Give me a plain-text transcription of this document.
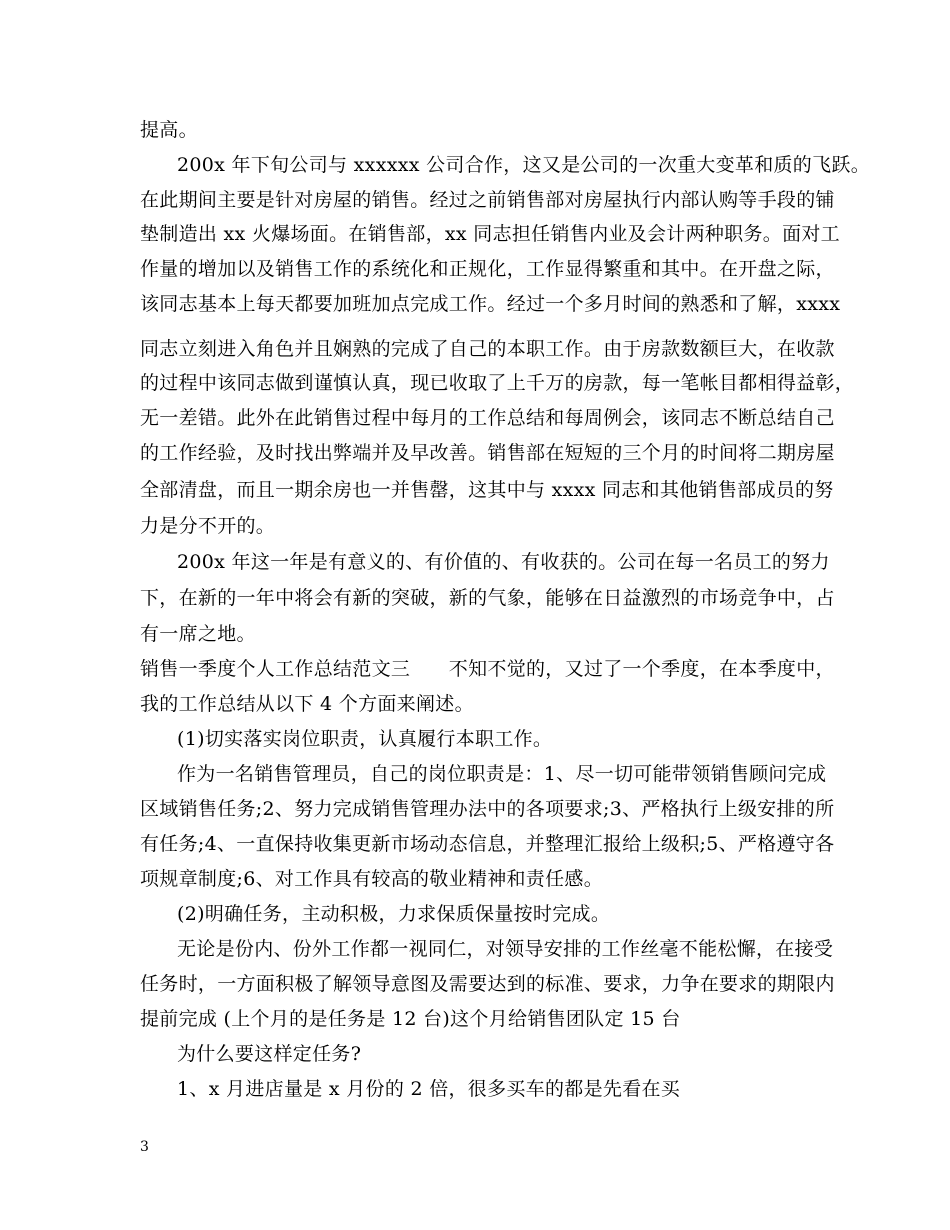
提高。
200x 年下旬公司与 xxxxxx 公司合作，这又是公司的一次重大变革和质的飞跃。
在此期间主要是针对房屋的销售。经过之前销售部对房屋执行内部认购等手段的铺
垫制造出 xx 火爆场面。在销售部，xx 同志担任销售内业及会计两种职务。面对工
作量的增加以及销售工作的系统化和正规化，工作显得繁重和其中。在开盘之际，
该同志基本上每天都要加班加点完成工作。经过一个多月时间的熟悉和了解，xxxx
同志立刻进入角色并且娴熟的完成了自己的本职工作。由于房款数额巨大，在收款
的过程中该同志做到谨慎认真，现已收取了上千万的房款，每一笔帐目都相得益彰，
无一差错。此外在此销售过程中每月的工作总结和每周例会，该同志不断总结自己
的工作经验，及时找出弊端并及早改善。销售部在短短的三个月的时间将二期房屋
全部清盘，而且一期余房也一并售罄，这其中与 xxxx 同志和其他销售部成员的努
力是分不开的。
200x 年这一年是有意义的、有价值的、有收获的。公司在每一名员工的努力
下，在新的一年中将会有新的突破，新的气象，能够在日益激烈的市场竞争中，占
有一席之地。
销售一季度个人工作总结范文三　　不知不觉的，又过了一个季度，在本季度中，
我的工作总结从以下 4 个方面来阐述。
(1)切实落实岗位职责，认真履行本职工作。
作为一名销售管理员，自己的岗位职责是：1、尽一切可能带领销售顾问完成
区域销售任务;2、努力完成销售管理办法中的各项要求;3、严格执行上级安排的所
有任务;4、一直保持收集更新市场动态信息，并整理汇报给上级积;5、严格遵守各
项规章制度;6、对工作具有较高的敬业精神和责任感。
(2)明确任务，主动积极，力求保质保量按时完成。
无论是份内、份外工作都一视同仁，对领导安排的工作丝毫不能松懈，在接受
任务时，一方面积极了解领导意图及需要达到的标准、要求，力争在要求的期限内
提前完成 (上个月的是任务是 12 台)这个月给销售团队定 15 台
为什么要这样定任务?
1、x 月进店量是 x 月份的 2 倍，很多买车的都是先看在买
3
